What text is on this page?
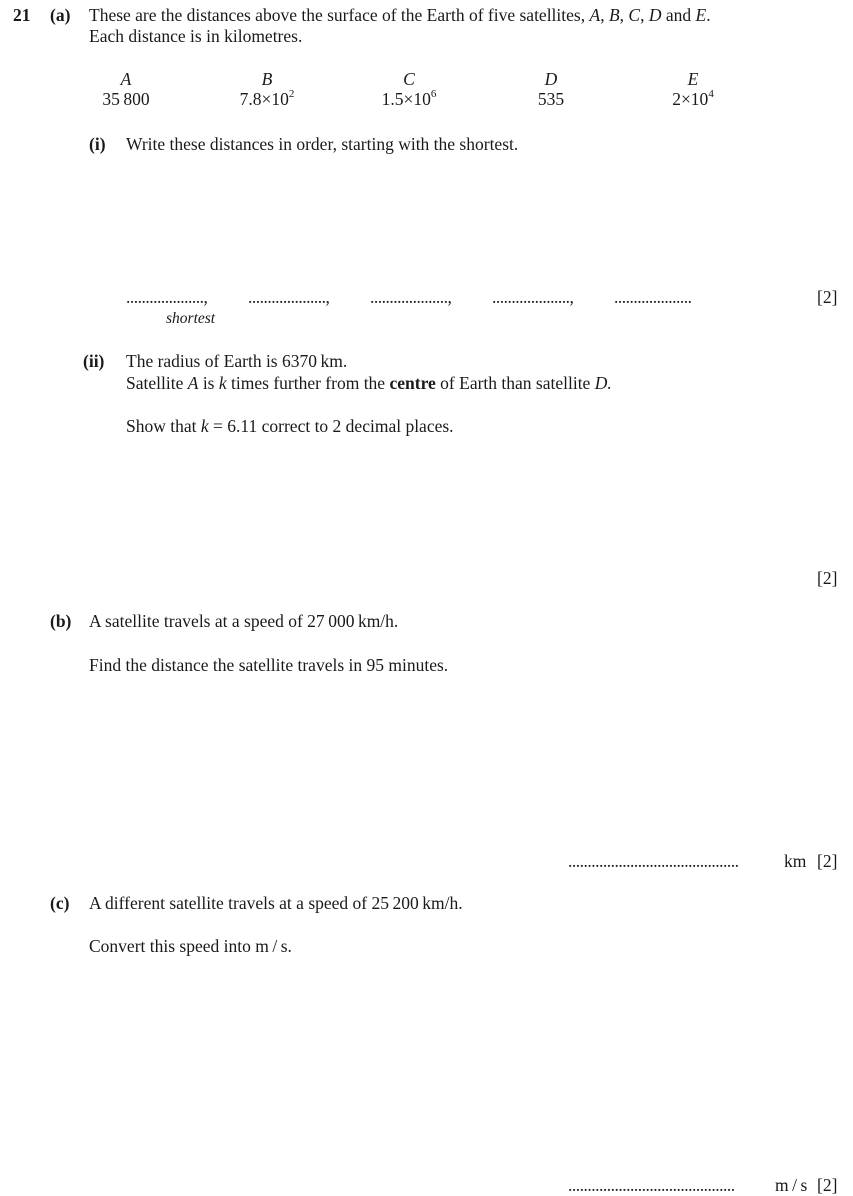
21 (a) These are the distances above the surface of the Earth of five satellites, A, B, C, D and E.
Each distance is in kilometres.
A
35 800
B
$7.8\times 10^2$
C
$1.5\times 10^6$
D
535
E
$2\times 10^4$
(i) Write these distances in order, starting with the shortest.
...................., ...................., ...................., ...................., ....................
shortest
[2]
(ii) The radius of Earth is 6370 km.
Satellite A is k times further from the centre of Earth than satellite D.
Show that k = 6.11 correct to 2 decimal places.
[2]
(b) A satellite travels at a speed of 27 000 km/h.
Find the distance the satellite travels in 95 minutes.
............................................	km [2]
(c) A different satellite travels at a speed of 25 200 km/h.
Convert this speed into m / s.
........................................... m / s [2]
